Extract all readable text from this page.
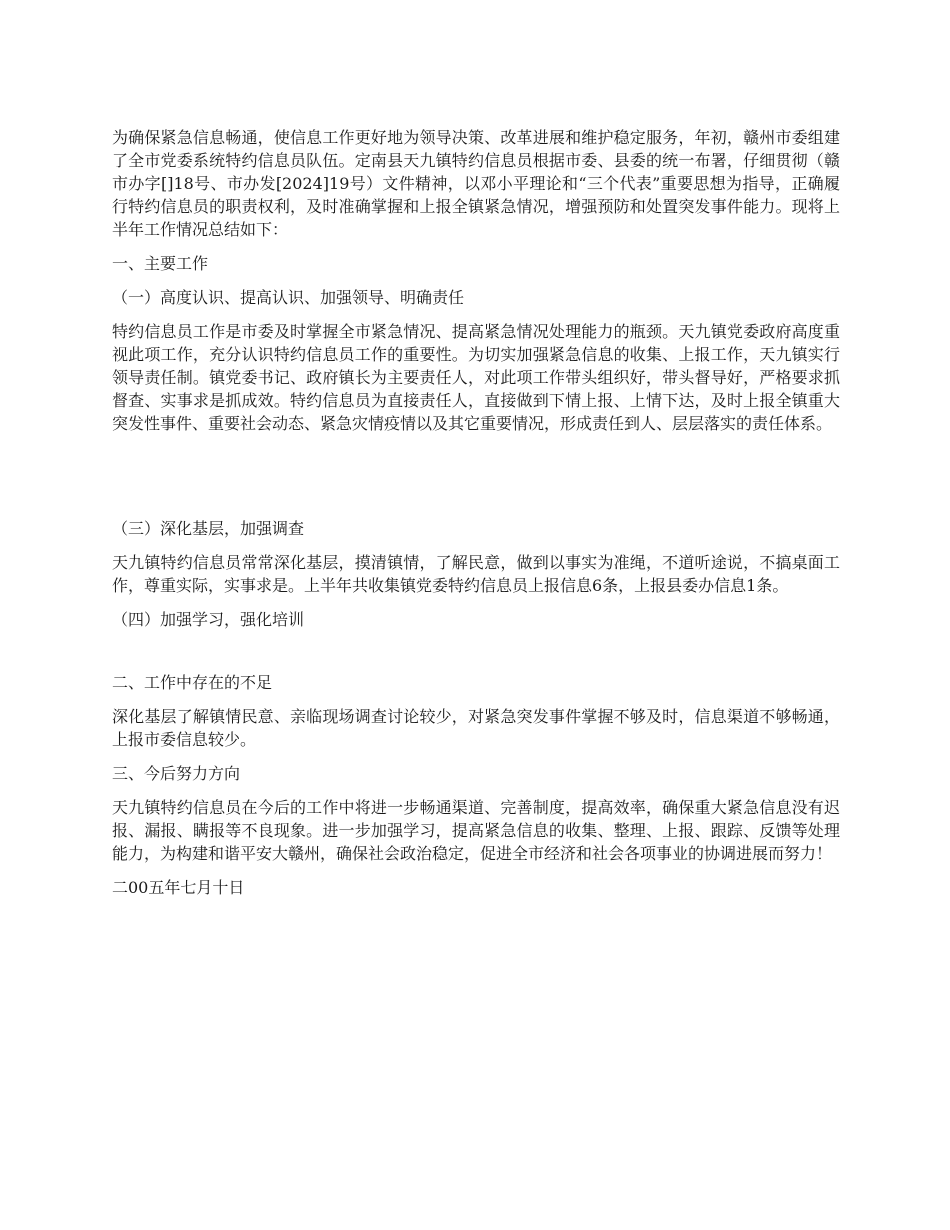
为确保紧急信息畅通，使信息工作更好地为领导决策、改革进展和维护稳定服务，年初，赣州市委组建了全市党委系统特约信息员队伍。定南县天九镇特约信息员根据市委、县委的统一布署，仔细贯彻（赣市办字[]18号、市办发[2024]19号）文件精神，以邓小平理论和“三个代表”重要思想为指导，正确履行特约信息员的职责权利，及时准确掌握和上报全镇紧急情况，增强预防和处置突发事件能力。现将上半年工作情况总结如下：

一、主要工作

（一）高度认识、提高认识、加强领导、明确责任

特约信息员工作是市委及时掌握全市紧急情况、提高紧急情况处理能力的瓶颈。天九镇党委政府高度重视此项工作，充分认识特约信息员工作的重要性。为切实加强紧急信息的收集、上报工作，天九镇实行领导责任制。镇党委书记、政府镇长为主要责任人，对此项工作带头组织好，带头督导好，严格要求抓督查、实事求是抓成效。特约信息员为直接责任人，直接做到下情上报、上情下达，及时上报全镇重大突发性事件、重要社会动态、紧急灾情疫情以及其它重要情况，形成责任到人、层层落实的责任体系。

（三）深化基层，加强调查

天九镇特约信息员常常深化基层，摸清镇情，了解民意，做到以事实为准绳，不道听途说，不搞桌面工作，尊重实际，实事求是。上半年共收集镇党委特约信息员上报信息6条，上报县委办信息1条。

（四）加强学习，强化培训

二、工作中存在的不足

深化基层了解镇情民意、亲临现场调查讨论较少，对紧急突发事件掌握不够及时，信息渠道不够畅通，上报市委信息较少。

三、今后努力方向

天九镇特约信息员在今后的工作中将进一步畅通渠道、完善制度，提高效率，确保重大紧急信息没有迟报、漏报、瞒报等不良现象。进一步加强学习，提高紧急信息的收集、整理、上报、跟踪、反馈等处理能力，为构建和谐平安大赣州，确保社会政治稳定，促进全市经济和社会各项事业的协调进展而努力！

二00五年七月十日
